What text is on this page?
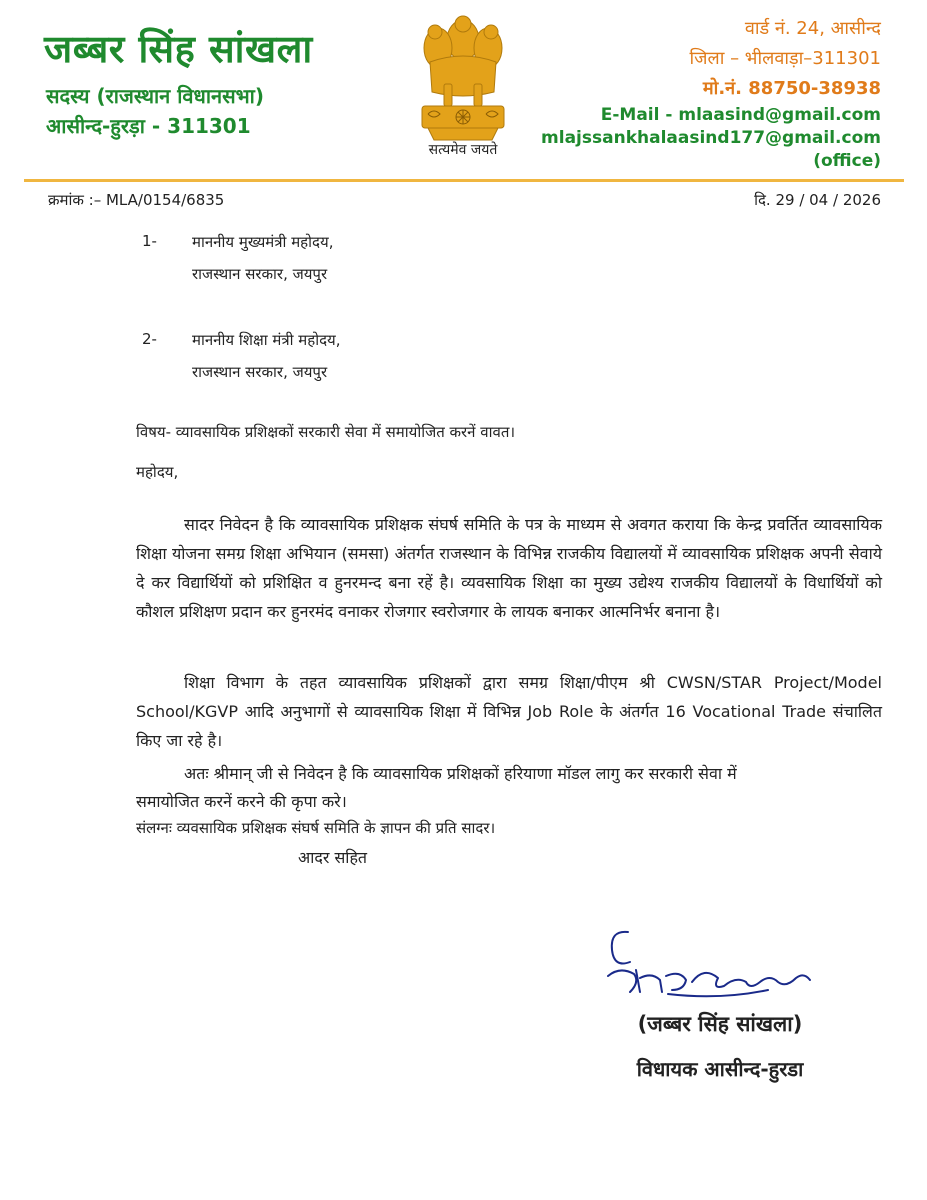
जब्बर सिंह सांखला
सदस्य (राजस्थान विधानसभा)
आसीन्द-हुरड़ा - 311301
सत्यमेव जयते
वार्ड नं. 24, आसीन्द
जिला – भीलवाड़ा–311301
मो.नं. 88750-38938
E-Mail - mlaasind@gmail.com
mlajssankhalaasind177@gmail.com
(office)
क्रमांक :– MLA/0154/6835	दि. 29 / 04 / 2026
1- माननीय मुख्यमंत्री महोदय,
राजस्थान सरकार, जयपुर
2- माननीय शिक्षा मंत्री महोदय,
राजस्थान सरकार, जयपुर
विषय- व्यावसायिक प्रशिक्षकों सरकारी सेवा में समायोजित करनें वावत।
महोदय,
सादर निवेदन है कि व्यावसायिक प्रशिक्षक संघर्ष समिति के पत्र के माध्यम से अवगत कराया कि केन्द्र प्रवर्तित व्यावसायिक शिक्षा योजना समग्र शिक्षा अभियान (समसा) अंतर्गत राजस्थान के विभिन्न राजकीय विद्यालयों में व्यावसायिक प्रशिक्षक अपनी सेवाये दे कर विद्यार्थियों को प्रशिक्षित व हुनरमन्द बना रहें है। व्यवसायिक शिक्षा का मुख्य उद्येश्य राजकीय विद्यालयों के विधार्थियों को कौशल प्रशिक्षण प्रदान कर हुनरमंद वनाकर रोजगार स्वरोजगार के लायक बनाकर आत्मनिर्भर बनाना है।
शिक्षा विभाग के तहत व्यावसायिक प्रशिक्षकों द्वारा समग्र शिक्षा/पीएम श्री CWSN/STAR Project/Model School/KGVP आदि अनुभागों से व्यावसायिक शिक्षा में विभिन्न Job Role के अंतर्गत 16 Vocational Trade संचालित किए जा रहे है।
अतः श्रीमान् जी से निवेदन है कि व्यावसायिक प्रशिक्षकों हरियाणा मॉडल लागु कर सरकारी सेवा में
समायोजित करनें करने की कृपा करे।
संलग्नः व्यवसायिक प्रशिक्षक संघर्ष समिति के ज्ञापन की प्रति सादर।
आदर सहित
(जब्बर सिंह सांखला)
विधायक आसीन्द-हुरडा
